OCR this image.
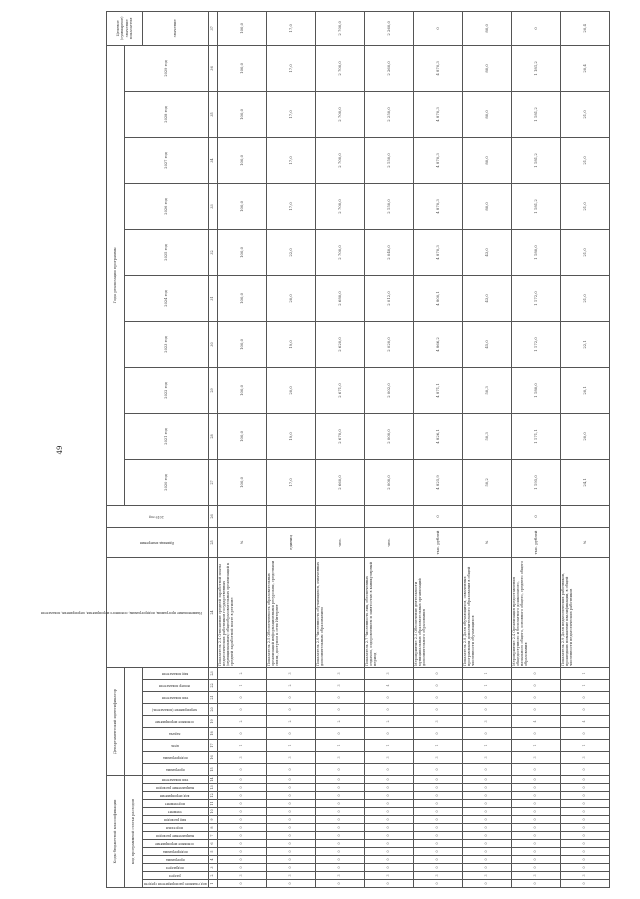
49
Коды бюджетной классификации														Департаментский идентификатор									Наименование программы, подпрограммы, основного мероприятия, мероприятия, показателя	Единица измерения	2019 год	Годы реализации программы										Целевое (суммарное) значение показателя	
код программной статьи расходов																										2020 год	2021 год	2022 год	2023 год	2024 год	2025 год	2026 год	2027 год	2028 год	2029 год		
код главного распорядителя средств	раздел	подраздел	программа	подпрограмма	основное мероприятие	направление расходов	подстатья	вид расходов	элемент	подэлемент	код мероприятия	направление расходов	тип показателя	программа	подпрограмма	цель	задача	основное мероприятие	мероприятие (показатель)	тип показателя	номер показателя	вид показателя														значение	
1	2	3	4	5	6	7	8	9	10	11	12	13	14	15	16	17	18	19	20	21	22	23	24	25	26	27	28	29	30	31	32	33	34	35	36	37				
0	3	0	0	0	0	0	0	0	0	0	0	0	0	0	3	1	0	2	0	0	1	2	Показатель 2.4 Отношение средней заработной платы педагогических работников государственных (муниципальных) общеобразовательных организаций к средней заработной плате в регионе	%		100,0	100,0	100,0	100,0	100,0	100,0	100,0	100,0	100,0	100,0	100,0	
0	3	0	0	0	0	0	0	0	0	0	0	0	0	0	3	1	0	2	0	0	2	3	Показатель 2.5 Обеспеченность образовательных организаций информационными ресурсами, средствами связи, доступом к сети Интернет	единиц		17,0	19,0	20,0	19,0	20,0	22,0	17,0	17,0	17,0	17,0	17,0	
0	3	0	0	0	0	0	0	0	0	0	0	0	0	0	3	1	0	2	0	0	3	3	Показатель 2.6 Численность обучающихся, охваченных дополнительным образованием	чел.		2 660,0	2 670,0	2 671,0	2 620,0	2 680,0	2 700,0	2 700,0	2 700,0	2 700,0	2 700,0	2 700,0	
0	3	0	0	0	0	0	0	0	0	0	0	0	0	0	3	1	0	2	0	0	4	3	Показатель 2.7 Численность лиц, обеспеченных отдыхом, оздоровлением и занятостью в каникулярный период	чел.		2 000,0	2 000,0	2 002,0	2 020,0	2 012,0	2 040,0	2 150,0	2 150,0	2 250,0	2 260,0	2 260,0	
0	3	0	0	0	0	0	0	0	0	0	0	0	0	0	3	1	0	3	0	0	0	0	Мероприятие 2.3 Обеспечение деятельности муниципальных образовательных организаций дополнительного образования	тыс. рублей	0	4 825,9	4 826,1	4 871,1	4 866,2	4 800,1	4 870,3	4 870,3	4 870,3	4 870,3	4 870,3	0	
0	3	0	0	0	0	0	0	0	0	0	0	0	0	0	3	1	0	3	0	0	1	1	Показатель 2.8 Доля обучающихся, охваченных программами дополнительного образования в общей численности обучающихся	%		50,2	50,3	50,3	45,0	43,0	43,0	80,0	80,0	80,0	80,0	80,0	
0	3	0	0	0	0	0	0	0	0	0	0	0	0	0	3	1	0	4	0	0	0	0	Мероприятие 2.4 Организация предоставления общедоступного и бесплатного дошкольного, начального общего, основного общего, среднего общего образования	тыс. рублей	0	1 195,0	1 171,1	1 180,0	1 172,0	1 172,0	1 180,0	1 181,2	1 181,2	1 181,2	1 181,2	0	
0	3	0	0	0	0	0	0	0	0	0	0	0	0	0	3	1	0	4	0	0	1	1	Показатель 2.9 Доля педагогических работников, прошедших повышение квалификации, в общей численности педагогических работников	%		24,1	20,0	20,1	22,1	21,0	21,0	21,0	21,0	21,0	20,4	20,4	
